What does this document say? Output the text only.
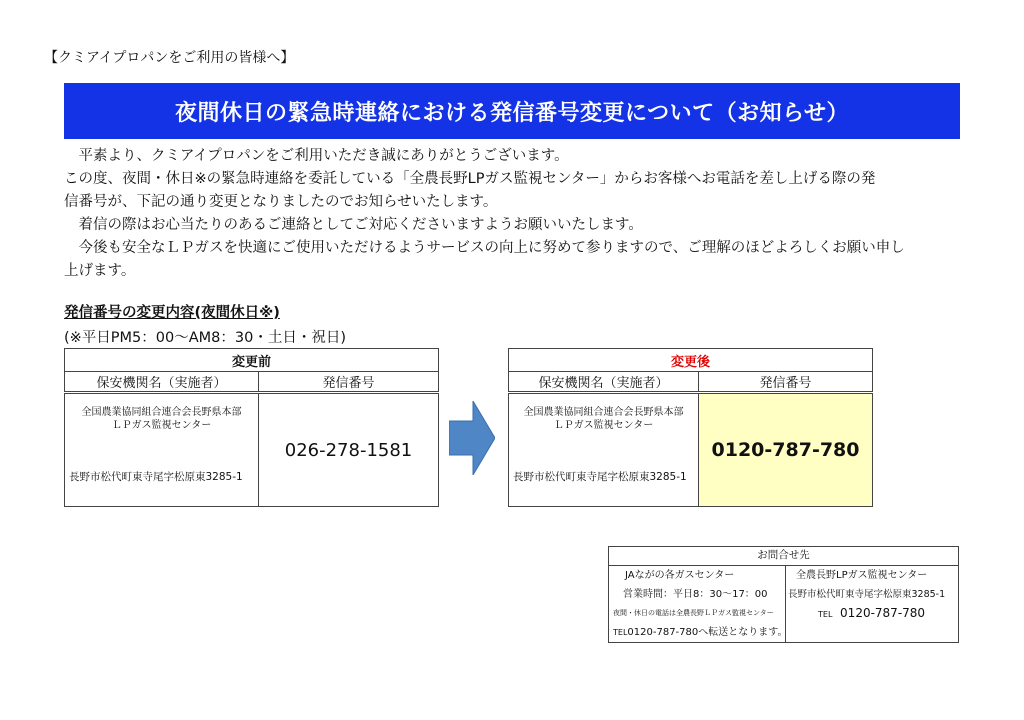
【クミアイプロパンをご利用の皆様へ】
夜間休日の緊急時連絡における発信番号変更について（お知らせ）

　平素より、クミアイプロパンをご利用いただき誠にありがとうございます。

この度、夜間・休日※の緊急時連絡を委託している「全農長野LPガス監視センター」からお客様へお電話を差し上げる際の発

信番号が、下記の通り変更となりましたのでお知らせいたします。

　着信の際はお心当たりのあるご連絡としてご対応くださいますようお願いいたします。

　今後も安全なＬＰガスを快適にご使用いただけるようサービスの向上に努めて参りますので、ご理解のほどよろしくお願い申し

上げます。

発信番号の変更内容(夜間休日※)
(※平日PM5：00～AM8：30・土日・祝日)
変更前	
保安機関名（実施者）	発信番号

全国農業協同組合連合会長野県本部
ＬＰガス監視センター
長野市松代町東寺尾字松原東3285-1	026-278-1581
変更後	
保安機関名（実施者）	発信番号

全国農業協同組合連合会長野県本部
ＬＰガス監視センター
長野市松代町東寺尾字松原東3285-1	0120-787-780
お問合せ先

JAながの各ガスセンター
営業時間：平日8：30～17：00
夜間・休日の電話は全農長野ＬＰガス監視センター
TEL0120-787-780へ転送となります。

全農長野LPガス監視センター
長野市松代町東寺尾字松原東3285-1
TEL 0120-787-780
